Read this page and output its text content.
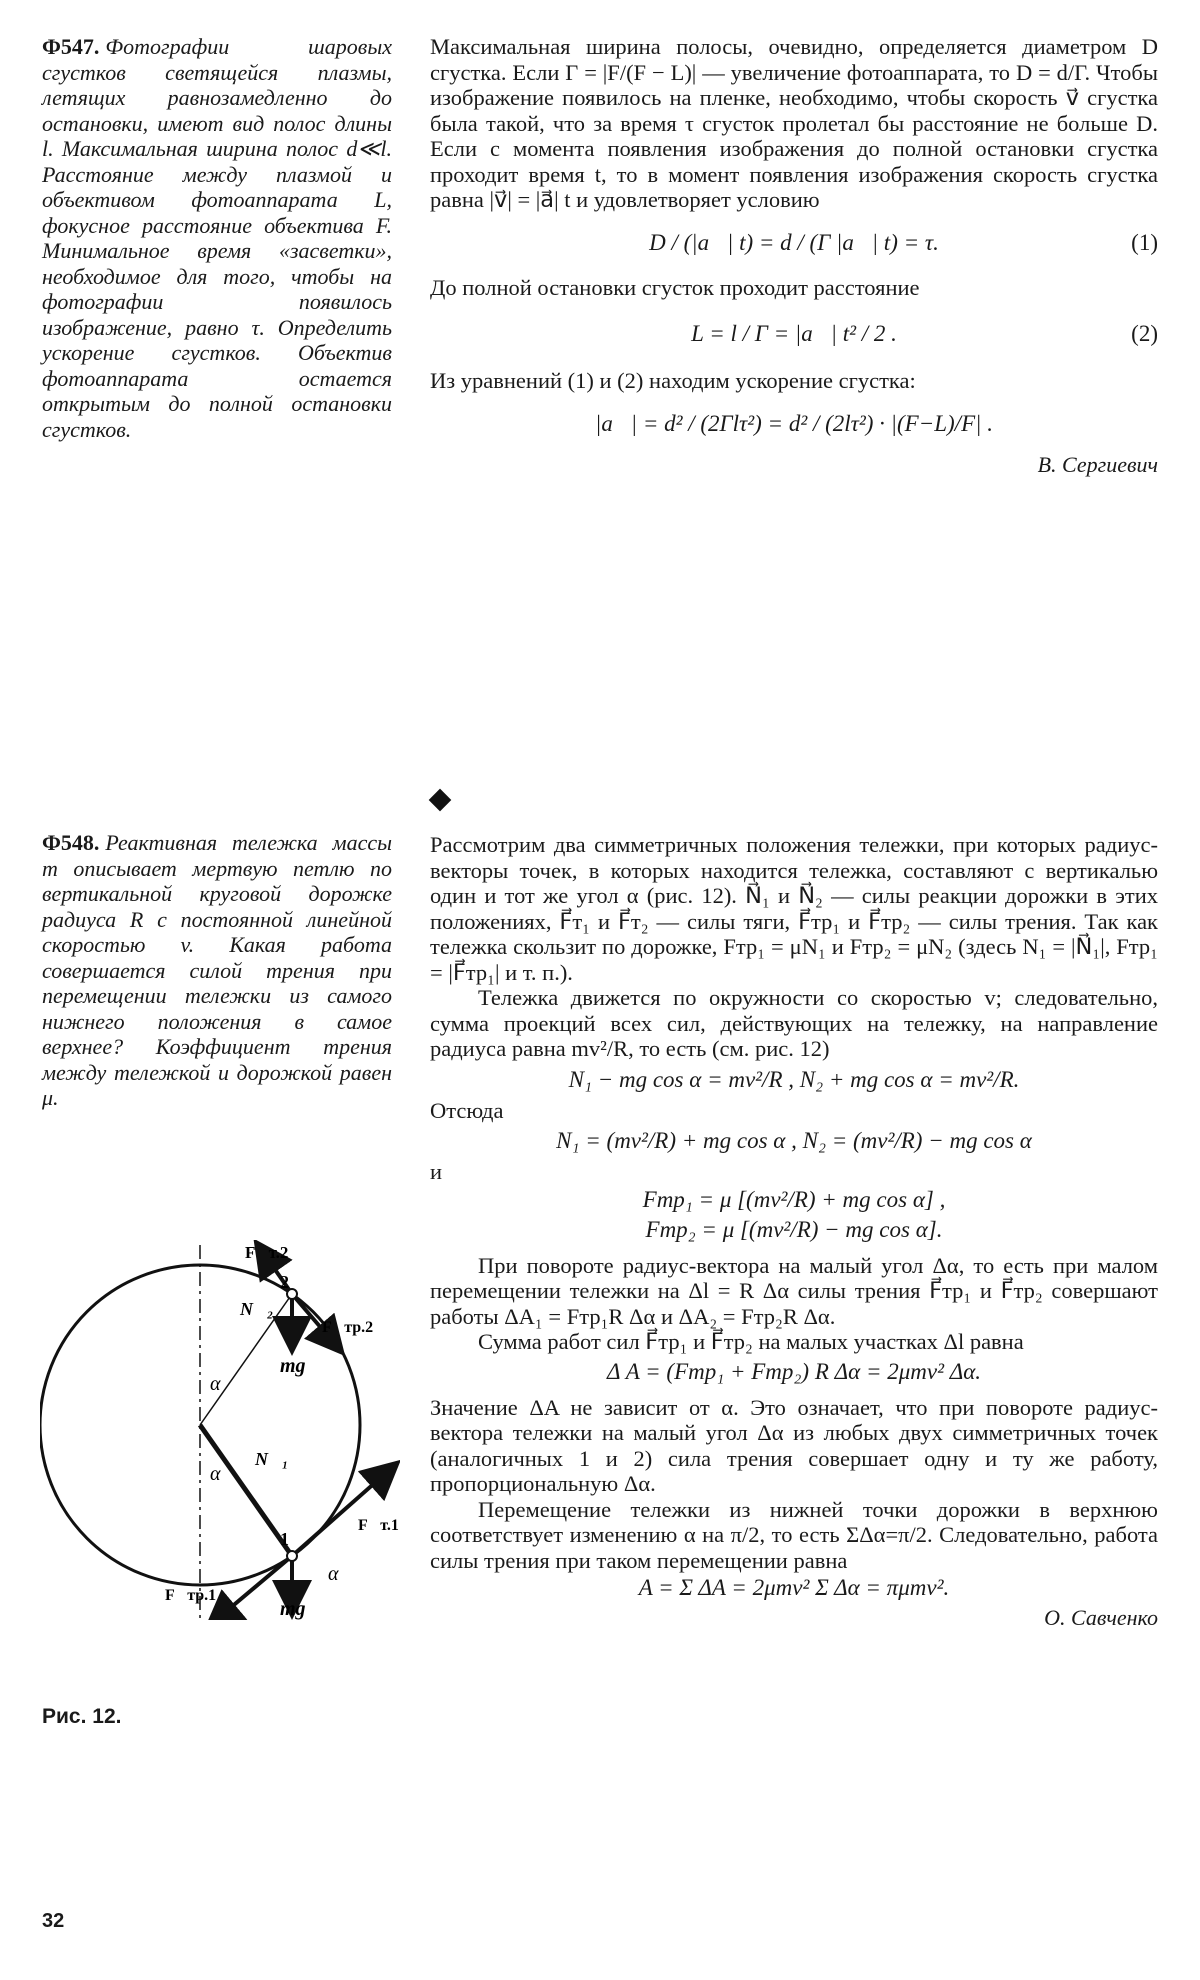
Ф547. Фотографии шаровых сгустков светящейся плазмы, летящих равнозамедленно до остановки, имеют вид полос длины l. Максимальная ширина полос d≪l. Расстояние между плазмой и объективом фотоаппарата L, фокусное расстояние объектива F. Минимальное время «засветки», необходимое для того, чтобы на фотографии появилось изображение, равно τ. Определить ускорение сгустков. Объектив фотоаппарата остается открытым до полной остановки сгустков.

Максимальная ширина полосы, очевидно, определяется диаметром D сгустка. Если Γ = |F/(F − L)| — увеличение фотоаппарата, то D = d/Γ. Чтобы изображение появилось на пленке, необходимо, чтобы скорость v⃗ сгустка была такой, что за время τ сгусток пролетал бы расстояние не больше D. Если с момента появления изображения до полной остановки сгустка проходит время t, то в момент появления изображения скорость сгустка равна |v⃗| = |a⃗| t и удовлетворяет условию

D / (|a⃗| t) = d / (Γ |a⃗| t) = τ.	(1)

До полной остановки сгусток проходит расстояние

L = l / Γ = |a⃗| t² / 2 .	(2)

Из уравнений (1) и (2) находим ускорение сгустка:

|a⃗| = d² / (2Γlτ²) = d² / (2lτ²) · |(F−L)/F| .
В. Сергиевич
Ф548. Реактивная тележка массы m описывает мертвую петлю по вертикальной круговой дорожке радиуса R с постоянной линейной скоростью v. Какая работа совершается силой трения при перемещении тележки из самого нижнего положения в самое верхнее? Коэффициент трения между тележкой и дорожкой равен μ.
F⃗т.2
F⃗тр.2
N⃗₂
2
mg⃗
α
α
N⃗₁
F⃗т.1
1
α
F⃗тр.1
mg⃗
Рис. 12.

Рассмотрим два симметричных положения тележки, при которых радиус-векторы точек, в которых находится тележка, составляют с вертикалью один и тот же угол α (рис. 12). N⃗₁ и N⃗₂ — силы реакции дорожки в этих положениях, F⃗т₁ и F⃗т₂ — силы тяги, F⃗тр₁ и F⃗тр₂ — силы трения. Так как тележка скользит по дорожке, Fтр₁ = μN₁ и Fтр₂ = μN₂ (здесь N₁ = |N⃗₁|, Fтр₁ = |F⃗тр₁| и т. п.).

Тележка движется по окружности со скоростью v; следовательно, сумма проекций всех сил, действующих на тележку, на направление радиуса равна mv²/R, то есть (см. рис. 12)

N₁ − mg cos α = mv²/R , N₂ + mg cos α = mv²/R.

Отсюда

N₁ = (mv²/R) + mg cos α , N₂ = (mv²/R) − mg cos α

и

Fтр₁ = μ [(mv²/R) + mg cos α] ,
Fтр₂ = μ [(mv²/R) − mg cos α].

При повороте радиус-вектора на малый угол Δα, то есть при малом перемещении тележки на Δl = R Δα силы трения F⃗тр₁ и F⃗тр₂ совершают работы ΔA₁ = Fтр₁R Δα и ΔA₂ = Fтр₂R Δα.

Сумма работ сил F⃗тр₁ и F⃗тр₂ на малых участках Δl равна

Δ A = (Fтр₁ + Fтр₂) R Δα = 2μmv² Δα.

Значение ΔA не зависит от α. Это означает, что при повороте радиус-вектора тележки на малый угол Δα из любых двух симметричных точек (аналогичных 1 и 2) сила трения совершает одну и ту же работу, пропорциональную Δα.

Перемещение тележки из нижней точки дорожки в верхнюю соответствует изменению α на π/2, то есть ΣΔα=π/2. Следовательно, работа силы трения при таком перемещении равна

A = Σ ΔA = 2μmv² Σ Δα = πμmv².
О. Савченко
32
